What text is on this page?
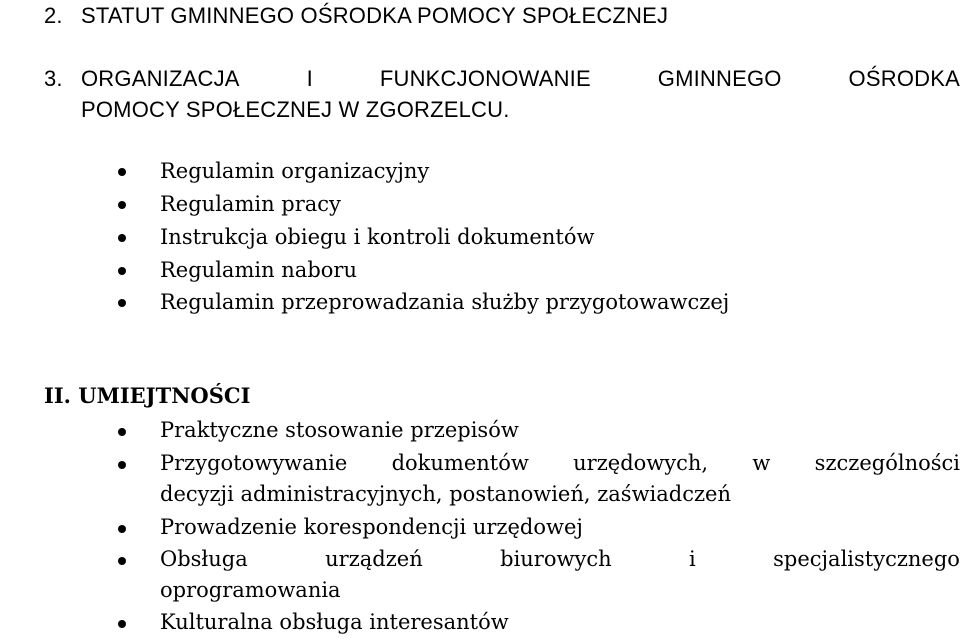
2. STATUT GMINNEGO OŚRODKA POMOCY SPOŁECZNEJ
3. ORGANIZACJA	I	FUNKCJONOWANIE	GMINNEGO	OŚRODKA
POMOCY SPOŁECZNEJ W ZGORZELCU.
Regulamin organizacyjny
Regulamin pracy
Instrukcja obiegu i kontroli dokumentów
Regulamin naboru
Regulamin przeprowadzania służby przygotowawczej
II. UMIEJTNOŚCI
Praktyczne stosowanie przepisów
Przygotowywanie dokumentów urzędowych, w szczególności
decyzji administracyjnych, postanowień, zaświadczeń
Prowadzenie korespondencji urzędowej
Obsługa	urządzeń	biurowych	i	specjalistycznego
oprogramowania
Kulturalna obsługa interesantów
